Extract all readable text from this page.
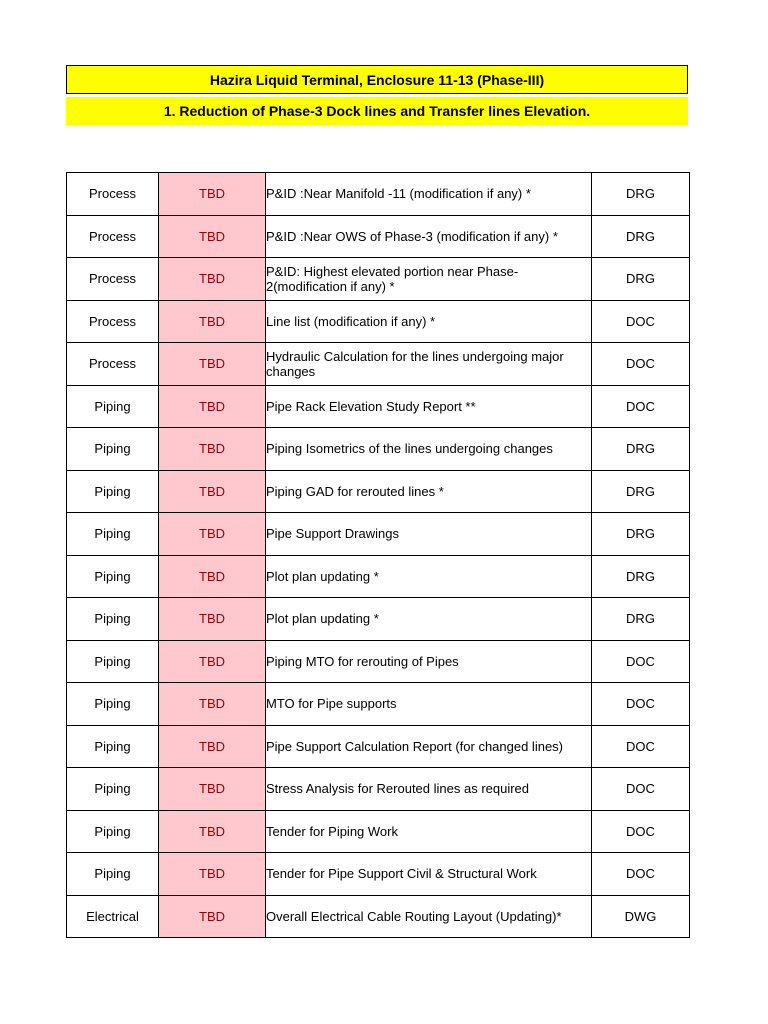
Hazira Liquid Terminal, Enclosure 11-13 (Phase-III)
1. Reduction of Phase-3 Dock lines and Transfer lines Elevation.
Process	TBD	P&ID :Near Manifold -11 (modification if any) *	DRG
Process	TBD	P&ID :Near OWS of Phase-3 (modification if any) *	DRG
Process	TBD	P&ID: Highest elevated portion near Phase-2(modification if any) *	DRG
Process	TBD	Line list (modification if any) *	DOC
Process	TBD	Hydraulic Calculation for the lines undergoing major changes	DOC
Piping	TBD	Pipe Rack Elevation Study Report **	DOC
Piping	TBD	Piping Isometrics of the lines undergoing changes	DRG
Piping	TBD	Piping GAD for rerouted lines *	DRG
Piping	TBD	Pipe Support Drawings	DRG
Piping	TBD	Plot plan updating *	DRG
Piping	TBD	Plot plan updating *	DRG
Piping	TBD	Piping MTO for rerouting of Pipes	DOC
Piping	TBD	MTO for Pipe supports	DOC
Piping	TBD	Pipe Support Calculation Report (for changed lines)	DOC
Piping	TBD	Stress Analysis for Rerouted lines as required	DOC
Piping	TBD	Tender for Piping Work	DOC
Piping	TBD	Tender for Pipe Support Civil & Structural Work	DOC
Electrical	TBD	Overall Electrical Cable Routing Layout (Updating)*	DWG
